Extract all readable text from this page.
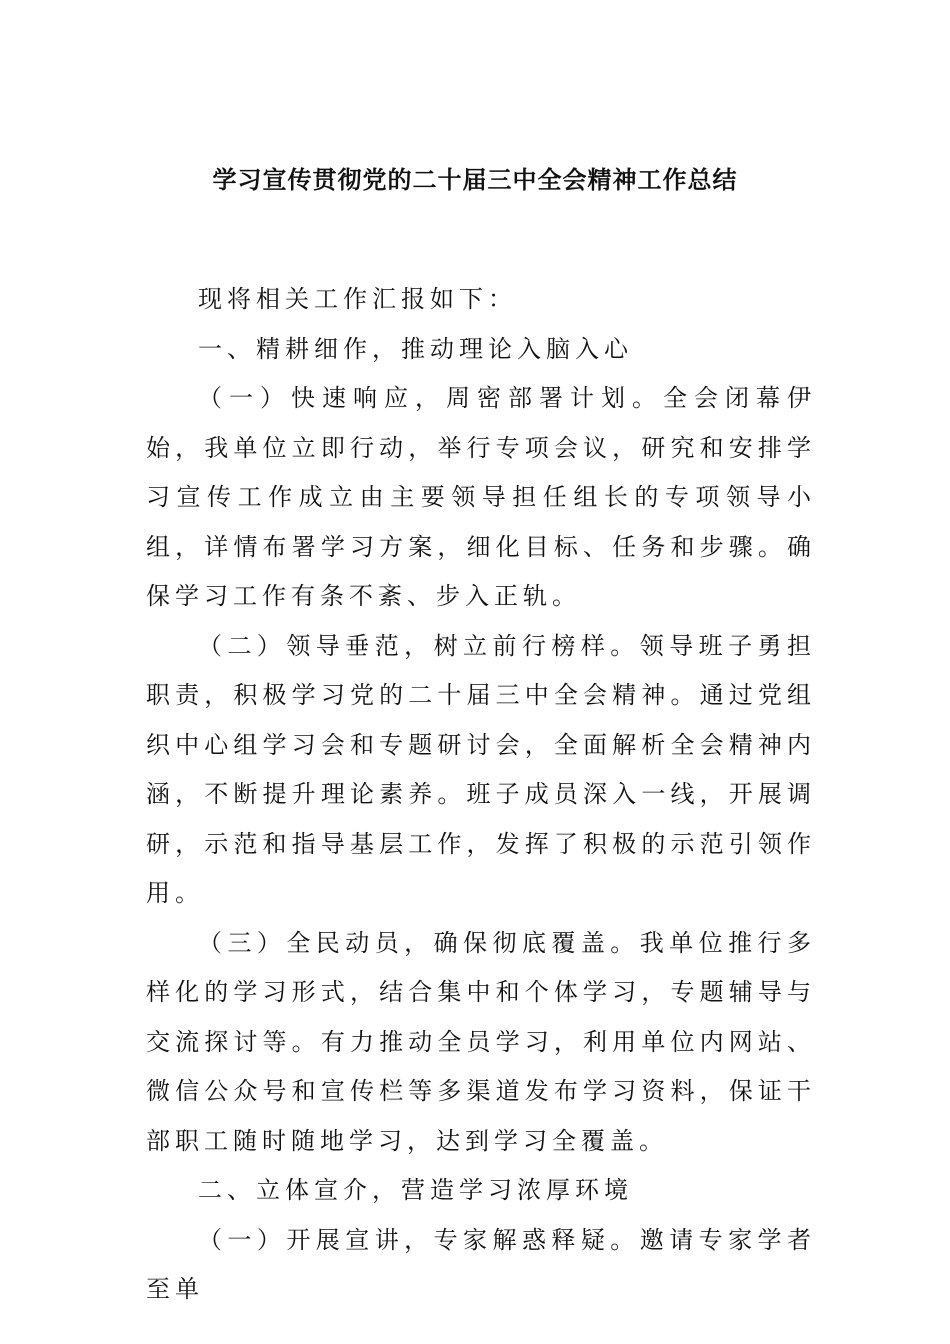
学习宣传贯彻党的二十届三中全会精神工作总结

现将相关工作汇报如下：

一、精耕细作，推动理论入脑入心

（一）快速响应，周密部署计划。全会闭幕伊始，我单位立即行动，举行专项会议，研究和安排学习宣传工作成立由主要领导担任组长的专项领导小组，详情布署学习方案，细化目标、任务和步骤。确保学习工作有条不紊、步入正轨。

（二）领导垂范，树立前行榜样。领导班子勇担职责，积极学习党的二十届三中全会精神。通过党组织中心组学习会和专题研讨会，全面解析全会精神内涵，不断提升理论素养。班子成员深入一线，开展调研，示范和指导基层工作，发挥了积极的示范引领作用。

（三）全民动员，确保彻底覆盖。我单位推行多样化的学习形式，结合集中和个体学习，专题辅导与交流探讨等。有力推动全员学习，利用单位内网站、微信公众号和宣传栏等多渠道发布学习资料，保证干部职工随时随地学习，达到学习全覆盖。

二、立体宣介，营造学习浓厚环境

（一）开展宣讲，专家解惑释疑。邀请专家学者至单
